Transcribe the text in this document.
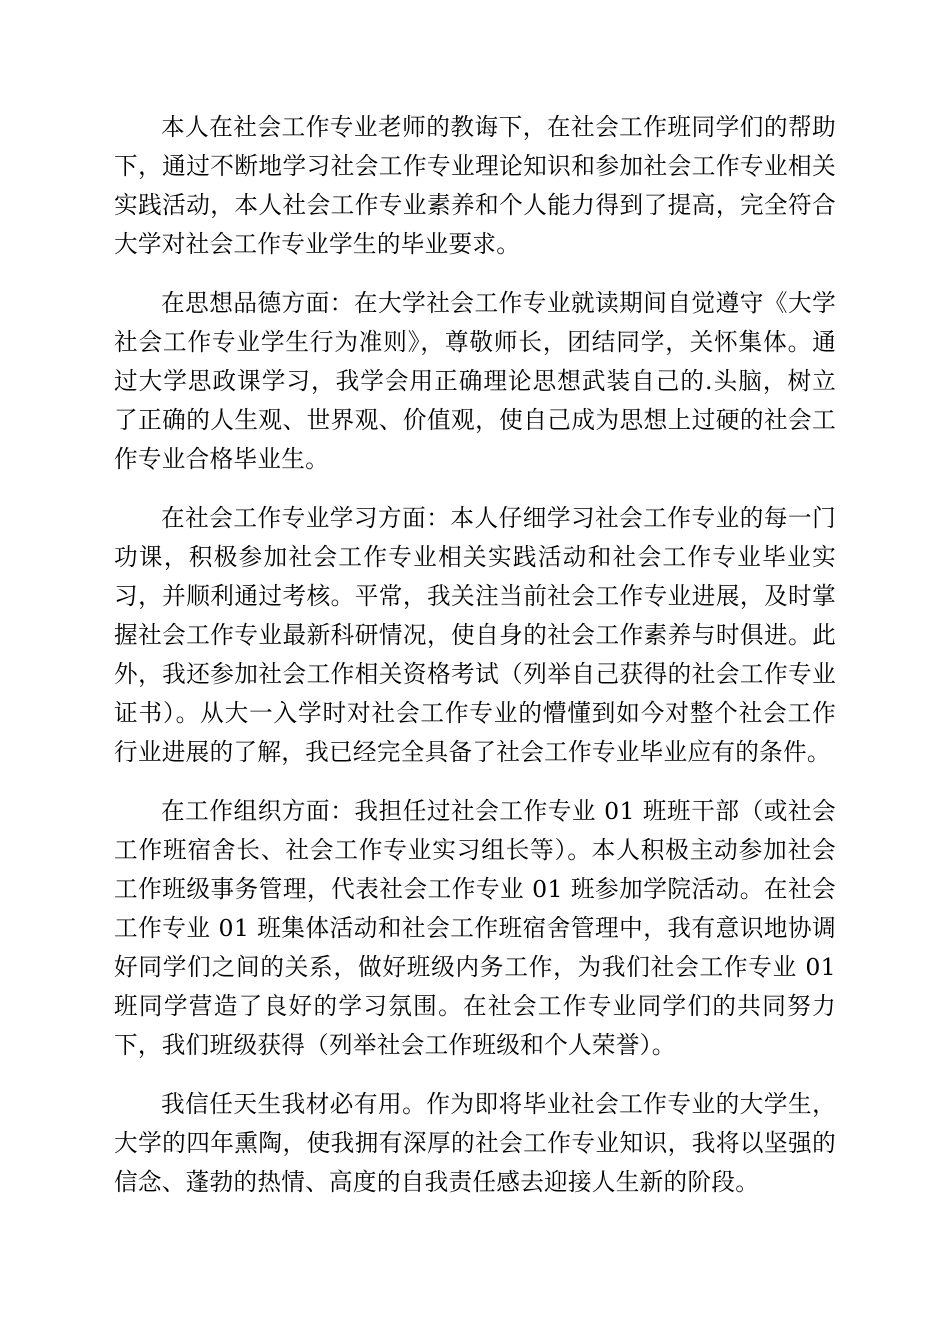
本人在社会工作专业老师的教诲下，在社会工作班同学们的帮助下，通过不断地学习社会工作专业理论知识和参加社会工作专业相关实践活动，本人社会工作专业素养和个人能力得到了提高，完全符合大学对社会工作专业学生的毕业要求。

在思想品德方面：在大学社会工作专业就读期间自觉遵守《大学社会工作专业学生行为准则》，尊敬师长，团结同学，关怀集体。通过大学思政课学习，我学会用正确理论思想武装自己的.头脑，树立了正确的人生观、世界观、价值观，使自己成为思想上过硬的社会工作专业合格毕业生。

在社会工作专业学习方面：本人仔细学习社会工作专业的每一门功课，积极参加社会工作专业相关实践活动和社会工作专业毕业实习，并顺利通过考核。平常，我关注当前社会工作专业进展，及时掌握社会工作专业最新科研情况，使自身的社会工作素养与时俱进。此外，我还参加社会工作相关资格考试（列举自己获得的社会工作专业证书）。从大一入学时对社会工作专业的懵懂到如今对整个社会工作行业进展的了解，我已经完全具备了社会工作专业毕业应有的条件。

在工作组织方面：我担任过社会工作专业 01 班班干部（或社会工作班宿舍长、社会工作专业实习组长等）。本人积极主动参加社会工作班级事务管理，代表社会工作专业 01 班参加学院活动。在社会工作专业 01 班集体活动和社会工作班宿舍管理中，我有意识地协调好同学们之间的关系，做好班级内务工作，为我们社会工作专业 01 班同学营造了良好的学习氛围。在社会工作专业同学们的共同努力下，我们班级获得（列举社会工作班级和个人荣誉）。

我信任天生我材必有用。作为即将毕业社会工作专业的大学生，大学的四年熏陶，使我拥有深厚的社会工作专业知识，我将以坚强的信念、蓬勃的热情、高度的自我责任感去迎接人生新的阶段。
